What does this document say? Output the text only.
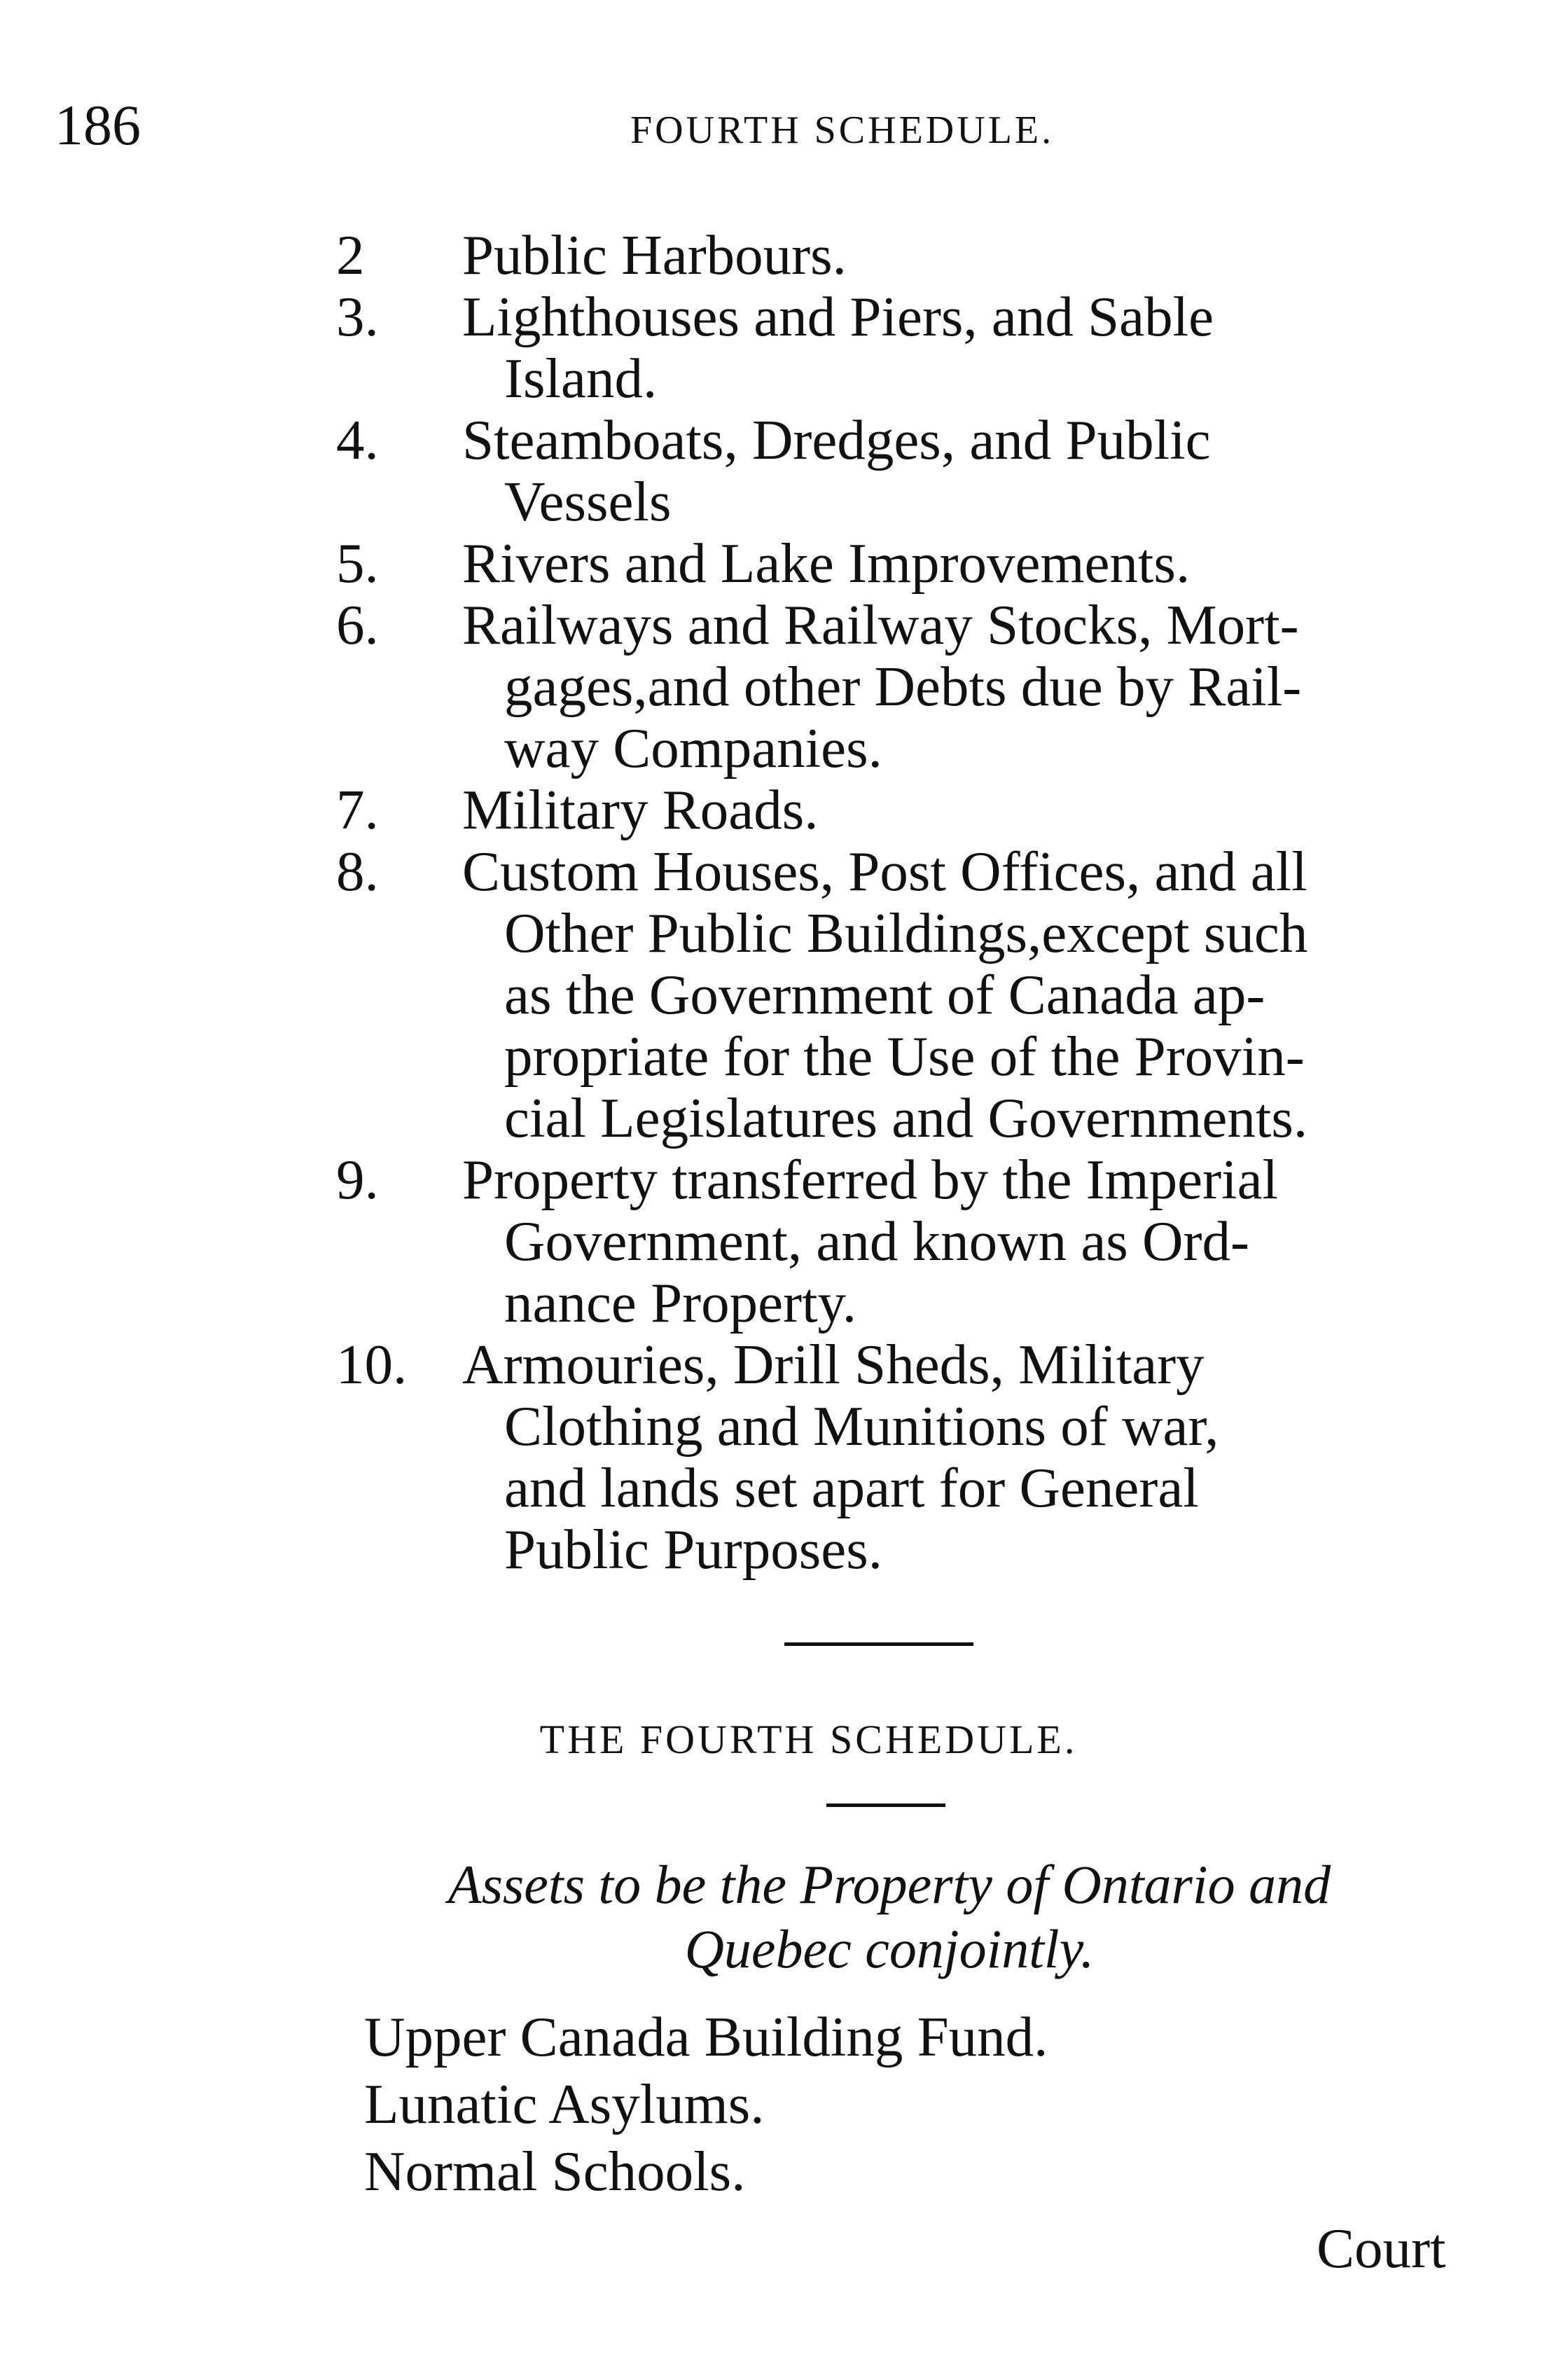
186	FOURTH SCHEDULE.
2	Public Harbours.
3.	Lighthouses and Piers, and Sable
Island.
4.	Steamboats, Dredges, and Public
Vessels
5.	Rivers and Lake Improvements.
6.	Railways and Railway Stocks, Mort-
gages,and other Debts due by Rail-
way Companies.
7.	Military Roads.
8.	Custom Houses, Post Offices, and all
Other Public Buildings,except such
as the Government of Canada ap-
propriate for the Use of the Provin-
cial Legislatures and Governments.
9.	Property transferred by the Imperial
Government, and known as Ord-
nance Property.
10. Armouries, Drill Sheds, Military
Clothing and Munitions of war,
and lands set apart for General
Public Purposes.
THE FOURTH SCHEDULE.
Assets to be the Property of Ontario and
Quebec conjointly.
Upper Canada Building Fund.
Lunatic Asylums.
Normal Schools.
Court
